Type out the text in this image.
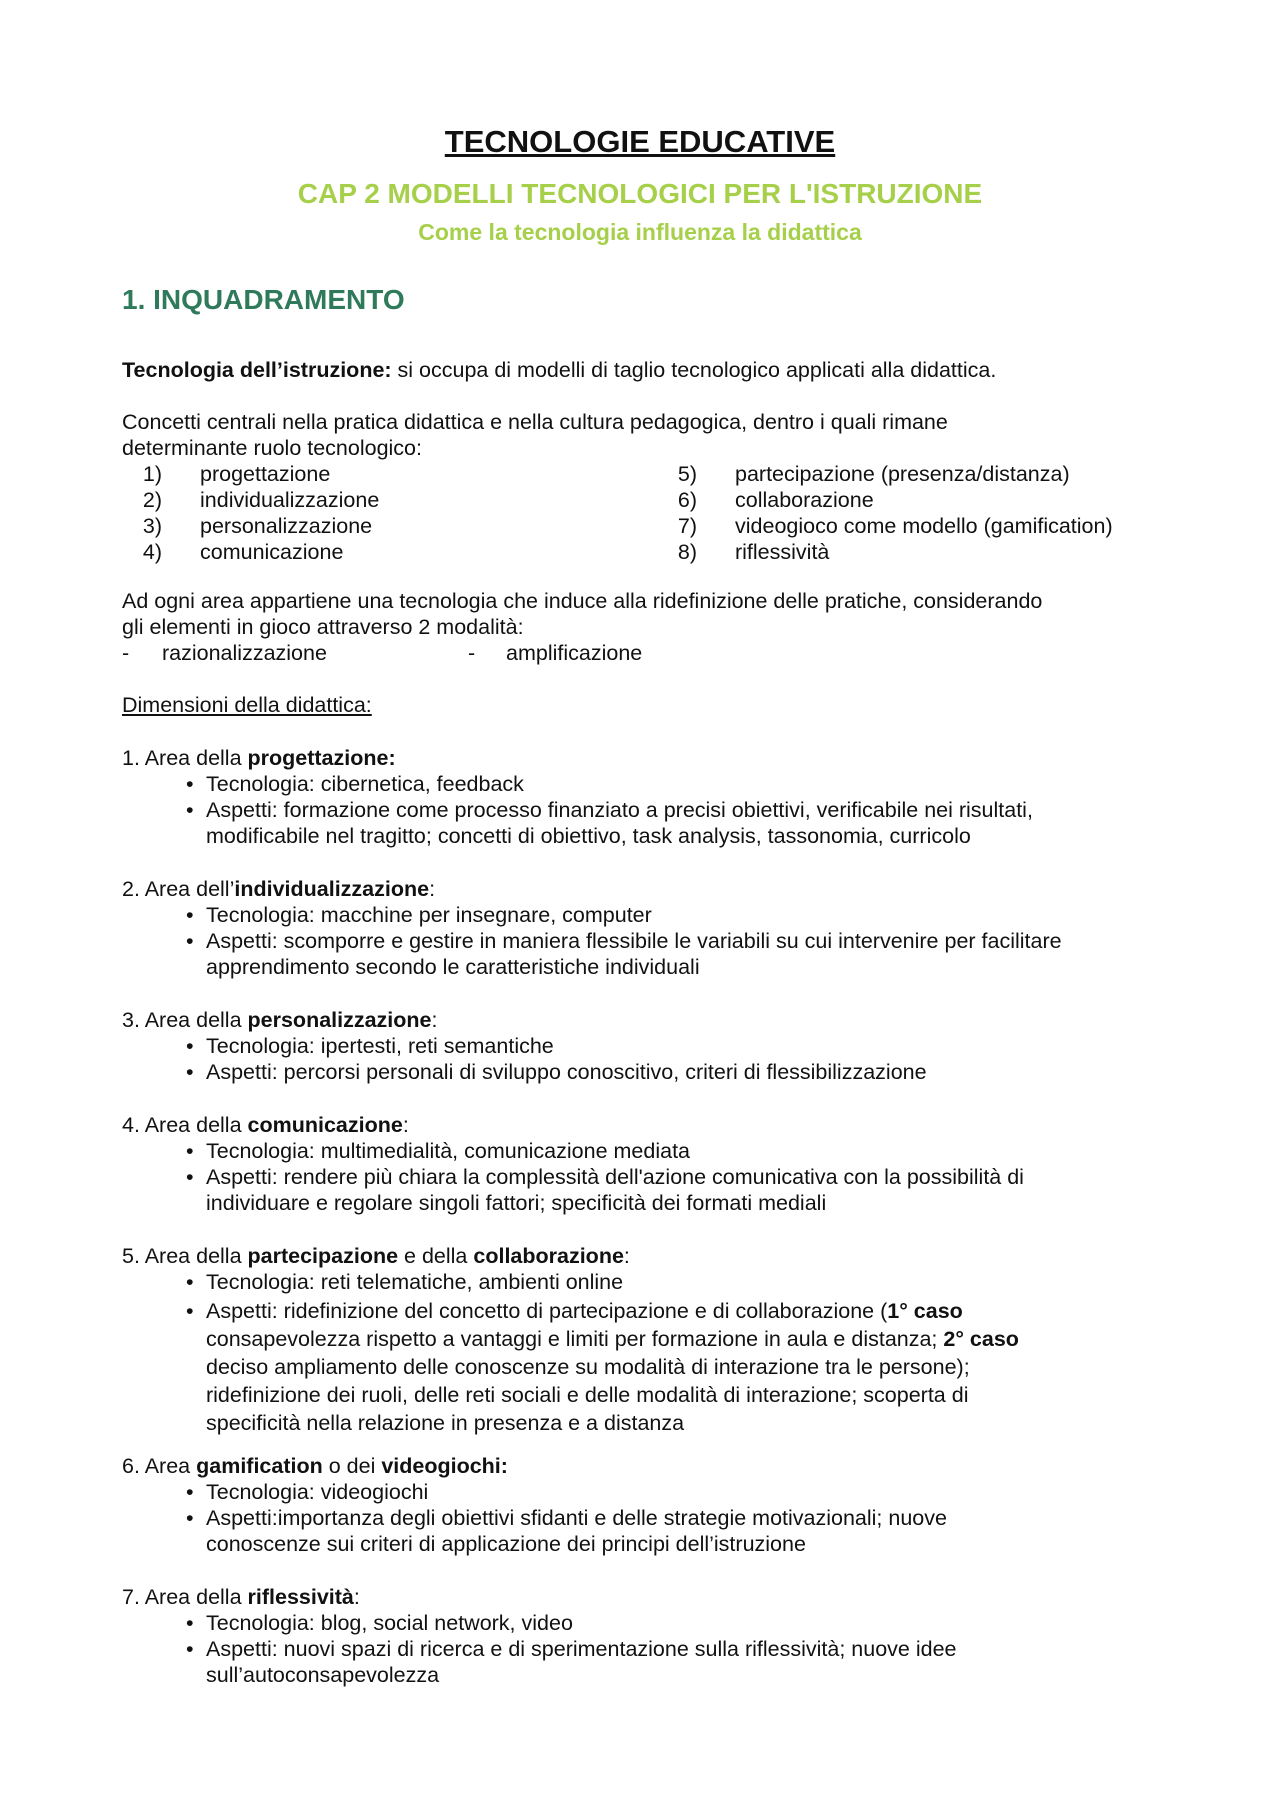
TECNOLOGIE EDUCATIVE
CAP 2 MODELLI TECNOLOGICI PER L'ISTRUZIONE
Come la tecnologia influenza la didattica
1. INQUADRAMENTO
Tecnologia dell’istruzione: si occupa di modelli di taglio tecnologico applicati alla didattica.
Concetti centrali nella pratica didattica e nella cultura pedagogica, dentro i quali rimane
determinante ruolo tecnologico:
1) progettazione	5) partecipazione (presenza/distanza)
2) individualizzazione	6) collaborazione
3) personalizzazione	7) videogioco come modello (gamification)
4) comunicazione	8) riflessività
Ad ogni area appartiene una tecnologia che induce alla ridefinizione delle pratiche, considerando
gli elementi in gioco attraverso 2 modalità:
- razionalizzazione	- amplificazione
Dimensioni della didattica:
1. Area della progettazione:
• Tecnologia: cibernetica, feedback
• Aspetti: formazione come processo finanziato a precisi obiettivi, verificabile nei risultati,
modificabile nel tragitto; concetti di obiettivo, task analysis, tassonomia, curricolo
2. Area dell’individualizzazione:
• Tecnologia: macchine per insegnare, computer
• Aspetti: scomporre e gestire in maniera flessibile le variabili su cui intervenire per facilitare
apprendimento secondo le caratteristiche individuali
3. Area della personalizzazione:
• Tecnologia: ipertesti, reti semantiche
• Aspetti: percorsi personali di sviluppo conoscitivo, criteri di flessibilizzazione
4. Area della comunicazione:
• Tecnologia: multimedialità, comunicazione mediata
• Aspetti: rendere più chiara la complessità dell'azione comunicativa con la possibilità di
individuare e regolare singoli fattori; specificità dei formati mediali
5. Area della partecipazione e della collaborazione:
• Tecnologia: reti telematiche, ambienti online
• Aspetti: ridefinizione del concetto di partecipazione e di collaborazione (1° caso
consapevolezza rispetto a vantaggi e limiti per formazione in aula e distanza; 2° caso
deciso ampliamento delle conoscenze su modalità di interazione tra le persone);
ridefinizione dei ruoli, delle reti sociali e delle modalità di interazione; scoperta di
specificità nella relazione in presenza e a distanza
6. Area gamification o dei videogiochi:
• Tecnologia: videogiochi
• Aspetti:importanza degli obiettivi sfidanti e delle strategie motivazionali; nuove
conoscenze sui criteri di applicazione dei principi dell’istruzione
7. Area della riflessività:
• Tecnologia: blog, social network, video
• Aspetti: nuovi spazi di ricerca e di sperimentazione sulla riflessività; nuove idee
sull’autoconsapevolezza
